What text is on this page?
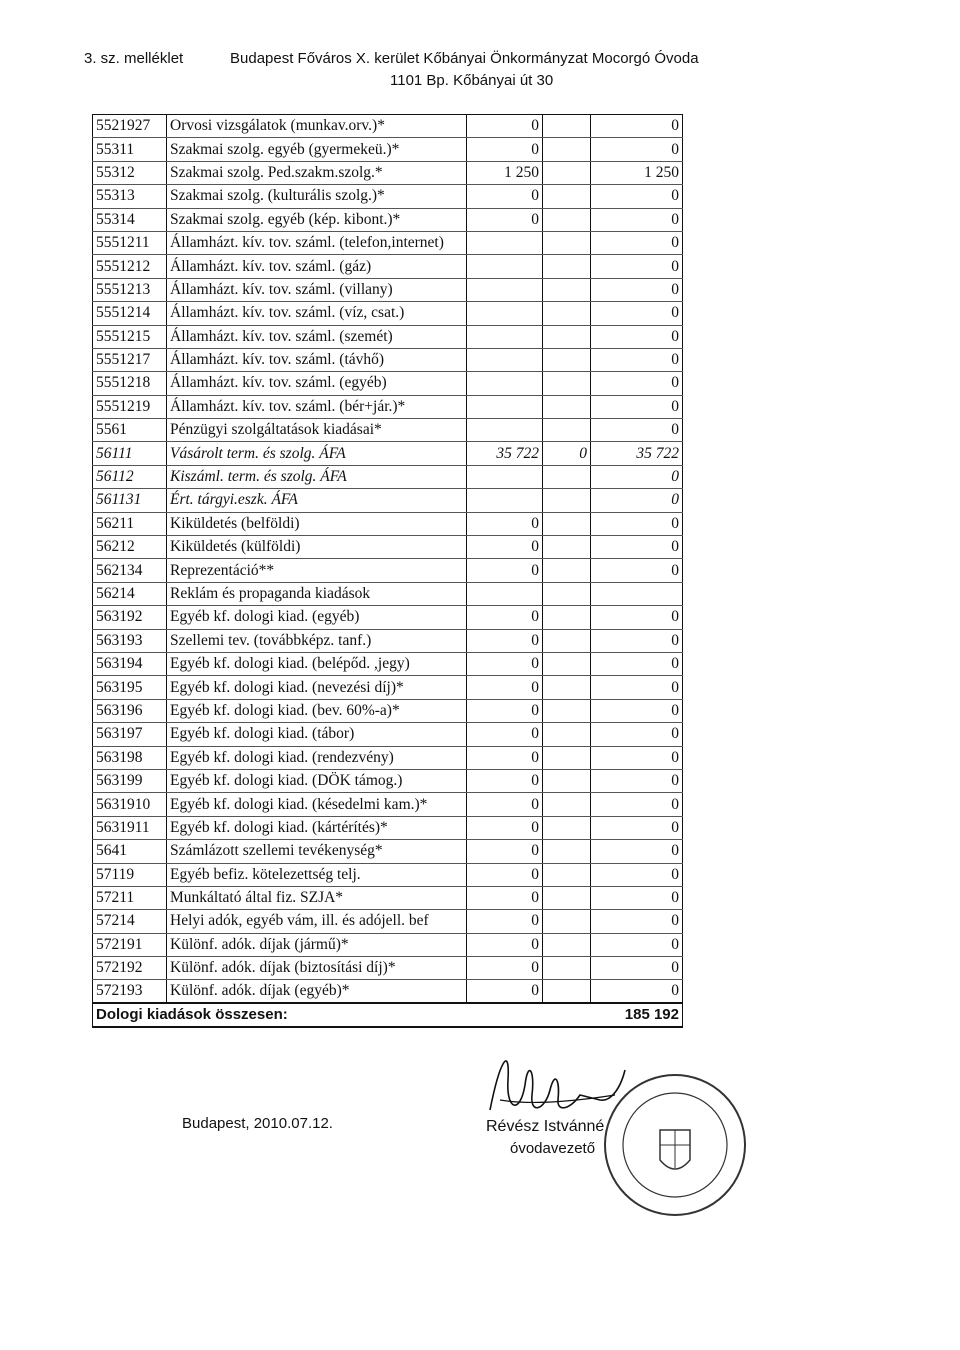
3. sz. melléklet	Budapest Főváros X. kerület Kőbányai Önkormányzat Mocorgó Óvoda
1101 Bp. Kőbányai út 30
5521927	Orvosi vizsgálatok (munkav.orv.)*	0		0
55311	Szakmai szolg. egyéb (gyermekeü.)*	0		0
55312	Szakmai szolg. Ped.szakm.szolg.*	1 250		1 250
55313	Szakmai szolg. (kulturális szolg.)*	0		0
55314	Szakmai szolg. egyéb (kép. kibont.)*	0		0
5551211	Államházt. kív. tov. száml. (telefon,internet)			0
5551212	Államházt. kív. tov. száml. (gáz)			0
5551213	Államházt. kív. tov. száml. (villany)			0
5551214	Államházt. kív. tov. száml. (víz, csat.)			0
5551215	Államházt. kív. tov. száml. (szemét)			0
5551217	Államházt. kív. tov. száml. (távhő)			0
5551218	Államházt. kív. tov. száml. (egyéb)			0
5551219	Államházt. kív. tov. száml. (bér+jár.)*			0
5561	Pénzügyi szolgáltatások kiadásai*			0
56111	Vásárolt term. és szolg. ÁFA	35 722	0	35 722
56112	Kiszáml. term. és szolg. ÁFA			0
561131	Ért. tárgyi.eszk. ÁFA			0
56211	Kiküldetés (belföldi)	0		0
56212	Kiküldetés (külföldi)	0		0
562134	Reprezentáció**	0		0
56214	Reklám és propaganda kiadások			
563192	Egyéb kf. dologi kiad. (egyéb)	0		0
563193	Szellemi tev. (továbbképz. tanf.)	0		0
563194	Egyéb kf. dologi kiad. (belépőd. ,jegy)	0		0
563195	Egyéb kf. dologi kiad. (nevezési díj)*	0		0
563196	Egyéb kf. dologi kiad. (bev. 60%-a)*	0		0
563197	Egyéb kf. dologi kiad. (tábor)	0		0
563198	Egyéb kf. dologi kiad. (rendezvény)	0		0
563199	Egyéb kf. dologi kiad. (DÖK támog.)	0		0
5631910	Egyéb kf. dologi kiad. (késedelmi kam.)*	0		0
5631911	Egyéb kf. dologi kiad. (kártérítés)*	0		0
5641	Számlázott szellemi tevékenység*	0		0
57119	Egyéb befiz. kötelezettség telj.	0		0
57211	Munkáltató által fiz. SZJA*	0		0
57214	Helyi adók, egyéb vám, ill. és adójell. bef	0		0
572191	Különf. adók. díjak (jármű)*	0		0
572192	Különf. adók. díjak (biztosítási díj)*	0		0
572193	Különf. adók. díjak (egyéb)*	0		0
Dologi kiadások összesen:				185 192
Budapest, 2010.07.12.	Révész Istvánné
óvodavezető
